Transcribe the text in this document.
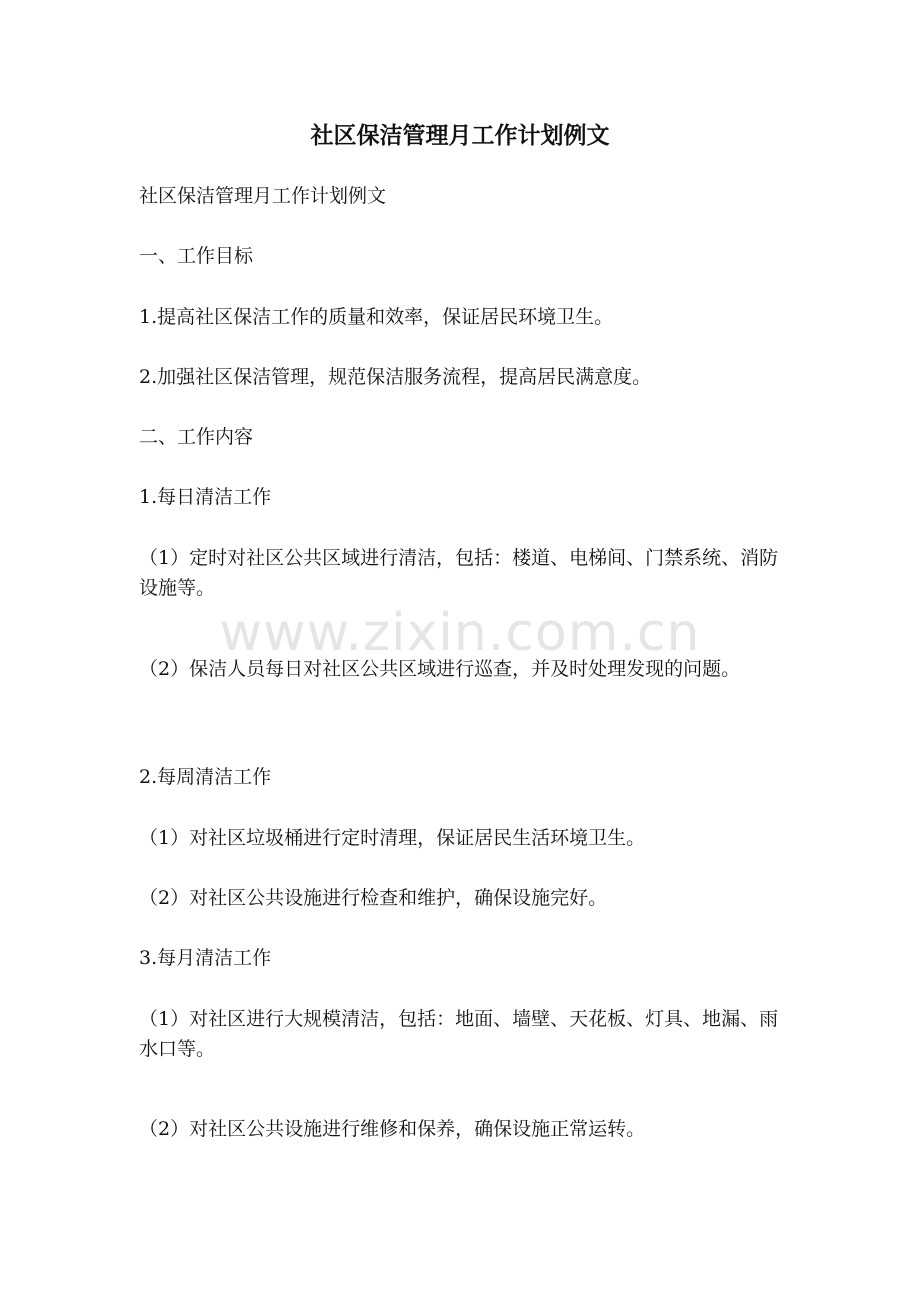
社区保洁管理月工作计划例文

社区保洁管理月工作计划例文

一、工作目标

1.提高社区保洁工作的质量和效率，保证居民环境卫生。

2.加强社区保洁管理，规范保洁服务流程，提高居民满意度。

二、工作内容

1.每日清洁工作

（1）定时对社区公共区域进行清洁，包括：楼道、电梯间、门禁系统、消防设施等。

（2）保洁人员每日对社区公共区域进行巡查，并及时处理发现的问题。

2.每周清洁工作

（1）对社区垃圾桶进行定时清理，保证居民生活环境卫生。

（2）对社区公共设施进行检查和维护，确保设施完好。

3.每月清洁工作

（1）对社区进行大规模清洁，包括：地面、墙壁、天花板、灯具、地漏、雨水口等。

（2）对社区公共设施进行维修和保养，确保设施正常运转。

www.zixin.com.cn
